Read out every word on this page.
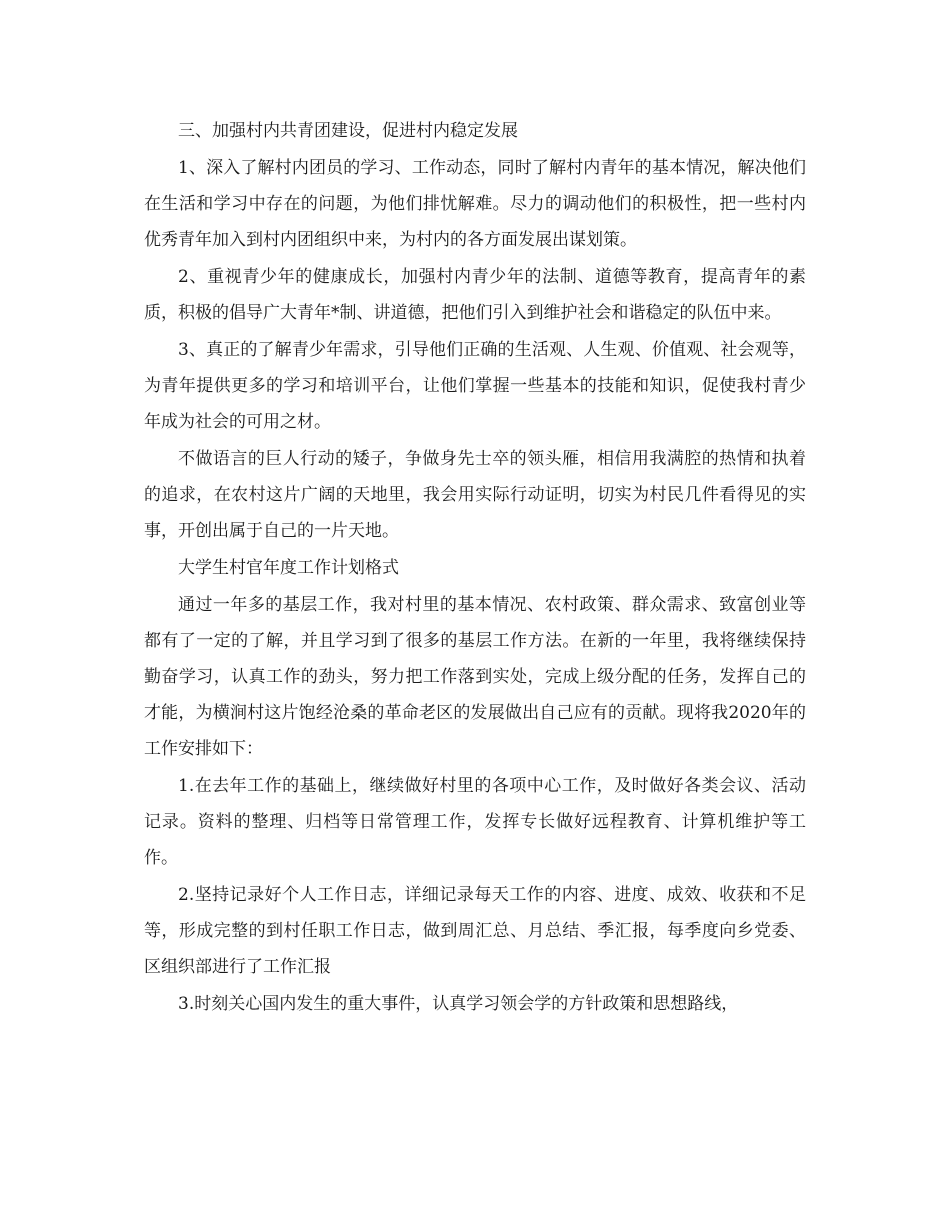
三、加强村内共青团建设，促进村内稳定发展

1、深入了解村内团员的学习、工作动态，同时了解村内青年的基本情况，解决他们在生活和学习中存在的问题，为他们排忧解难。尽力的调动他们的积极性，把一些村内优秀青年加入到村内团组织中来，为村内的各方面发展出谋划策。

2、重视青少年的健康成长，加强村内青少年的法制、道德等教育，提高青年的素质，积极的倡导广大青年*制、讲道德，把他们引入到维护社会和谐稳定的队伍中来。

3、真正的了解青少年需求，引导他们正确的生活观、人生观、价值观、社会观等，为青年提供更多的学习和培训平台，让他们掌握一些基本的技能和知识，促使我村青少年成为社会的可用之材。

不做语言的巨人行动的矮子，争做身先士卒的领头雁，相信用我满腔的热情和执着的追求，在农村这片广阔的天地里，我会用实际行动证明，切实为村民几件看得见的实事，开创出属于自己的一片天地。

大学生村官年度工作计划格式

通过一年多的基层工作，我对村里的基本情况、农村政策、群众需求、致富创业等都有了一定的了解，并且学习到了很多的基层工作方法。在新的一年里，我将继续保持勤奋学习，认真工作的劲头，努力把工作落到实处，完成上级分配的任务，发挥自己的才能，为横涧村这片饱经沧桑的革命老区的发展做出自己应有的贡献。现将我2020年的工作安排如下：

1.在去年工作的基础上，继续做好村里的各项中心工作，及时做好各类会议、活动记录。资料的整理、归档等日常管理工作，发挥专长做好远程教育、计算机维护等工作。

2.坚持记录好个人工作日志，详细记录每天工作的内容、进度、成效、收获和不足等，形成完整的到村任职工作日志，做到周汇总、月总结、季汇报，每季度向乡党委、区组织部进行了工作汇报

3.时刻关心国内发生的重大事件，认真学习领会学的方针政策和思想路线，
